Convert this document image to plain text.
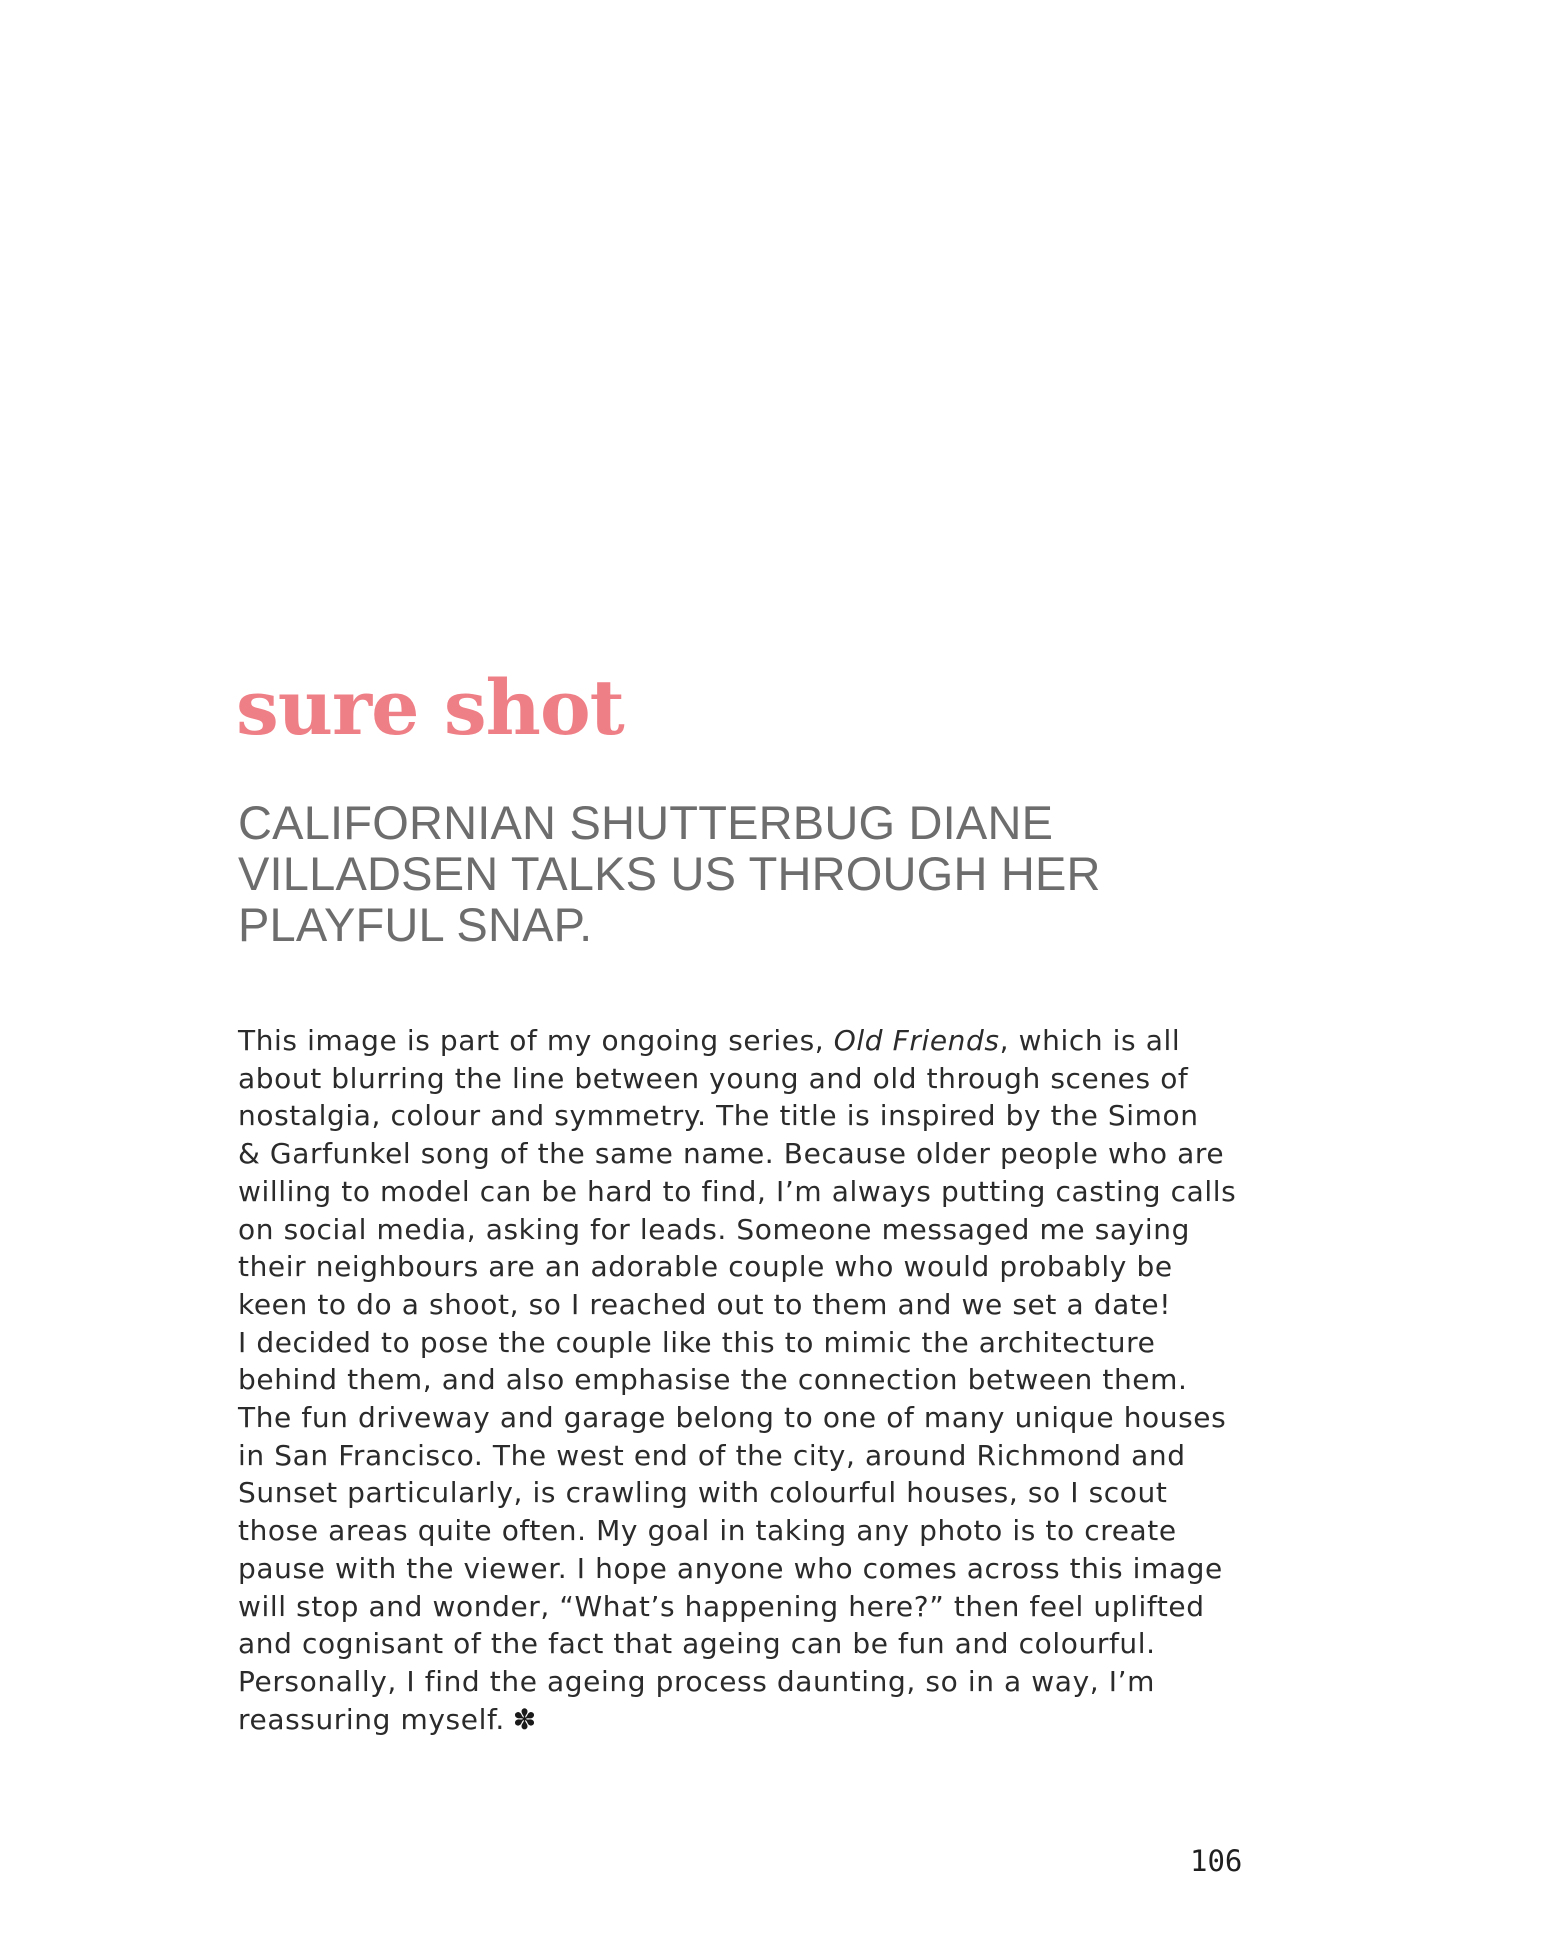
sure shot
CALIFORNIAN SHUTTERBUG DIANE
VILLADSEN TALKS US THROUGH HER
PLAYFUL SNAP.
This image is part of my ongoing series, Old Friends, which is all
about blurring the line between young and old through scenes of
nostalgia, colour and symmetry. The title is inspired by the Simon
& Garfunkel song of the same name. Because older people who are
willing to model can be hard to find, I’m always putting casting calls
on social media, asking for leads. Someone messaged me saying
their neighbours are an adorable couple who would probably be
keen to do a shoot, so I reached out to them and we set a date!
I decided to pose the couple like this to mimic the architecture
behind them, and also emphasise the connection between them.
The fun driveway and garage belong to one of many unique houses
in San Francisco. The west end of the city, around Richmond and
Sunset particularly, is crawling with colourful houses, so I scout
those areas quite often. My goal in taking any photo is to create
pause with the viewer. I hope anyone who comes across this image
will stop and wonder, “What’s happening here?” then feel uplifted
and cognisant of the fact that ageing can be fun and colourful.
Personally, I find the ageing process daunting, so in a way, I’m
reassuring myself. ✽
106
